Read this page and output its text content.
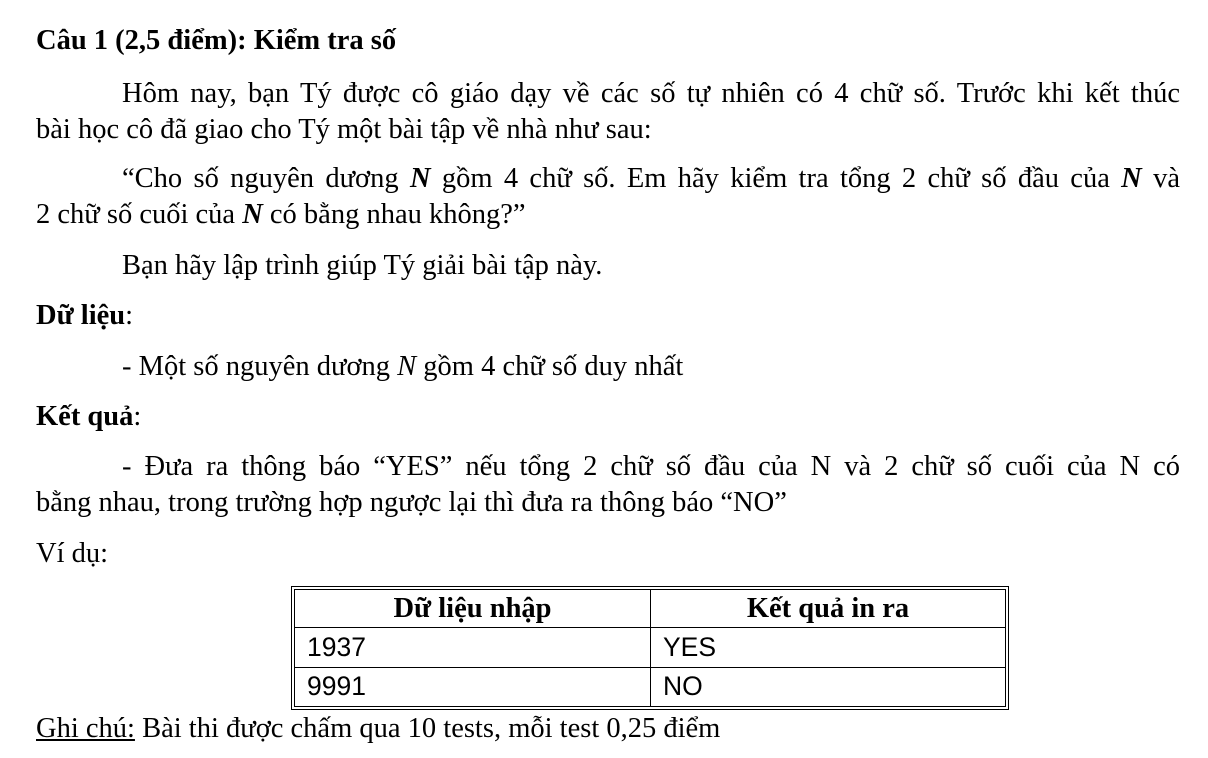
Câu 1 (2,5 điểm): Kiểm tra số
Hôm nay, bạn Tý được cô giáo dạy về các số tự nhiên có 4 chữ số. Trước khi kết thúc
bài học cô đã giao cho Tý một bài tập về nhà như sau:
“Cho số nguyên dương N gồm 4 chữ số. Em hãy kiểm tra tổng 2 chữ số đầu của N và
2 chữ số cuối của N có bằng nhau không?”
Bạn hãy lập trình giúp Tý giải bài tập này.
Dữ liệu:
- Một số nguyên dương N gồm 4 chữ số duy nhất
Kết quả:
- Đưa ra thông báo “YES” nếu tổng 2 chữ số đầu của N và 2 chữ số cuối của N có
bằng nhau, trong trường hợp ngược lại thì đưa ra thông báo “NO”
Ví dụ:
Dữ liệu nhập	Kết quả in ra
1937	YES
9991	NO
Ghi chú: Bài thi được chấm qua 10 tests, mỗi test 0,25 điểm
